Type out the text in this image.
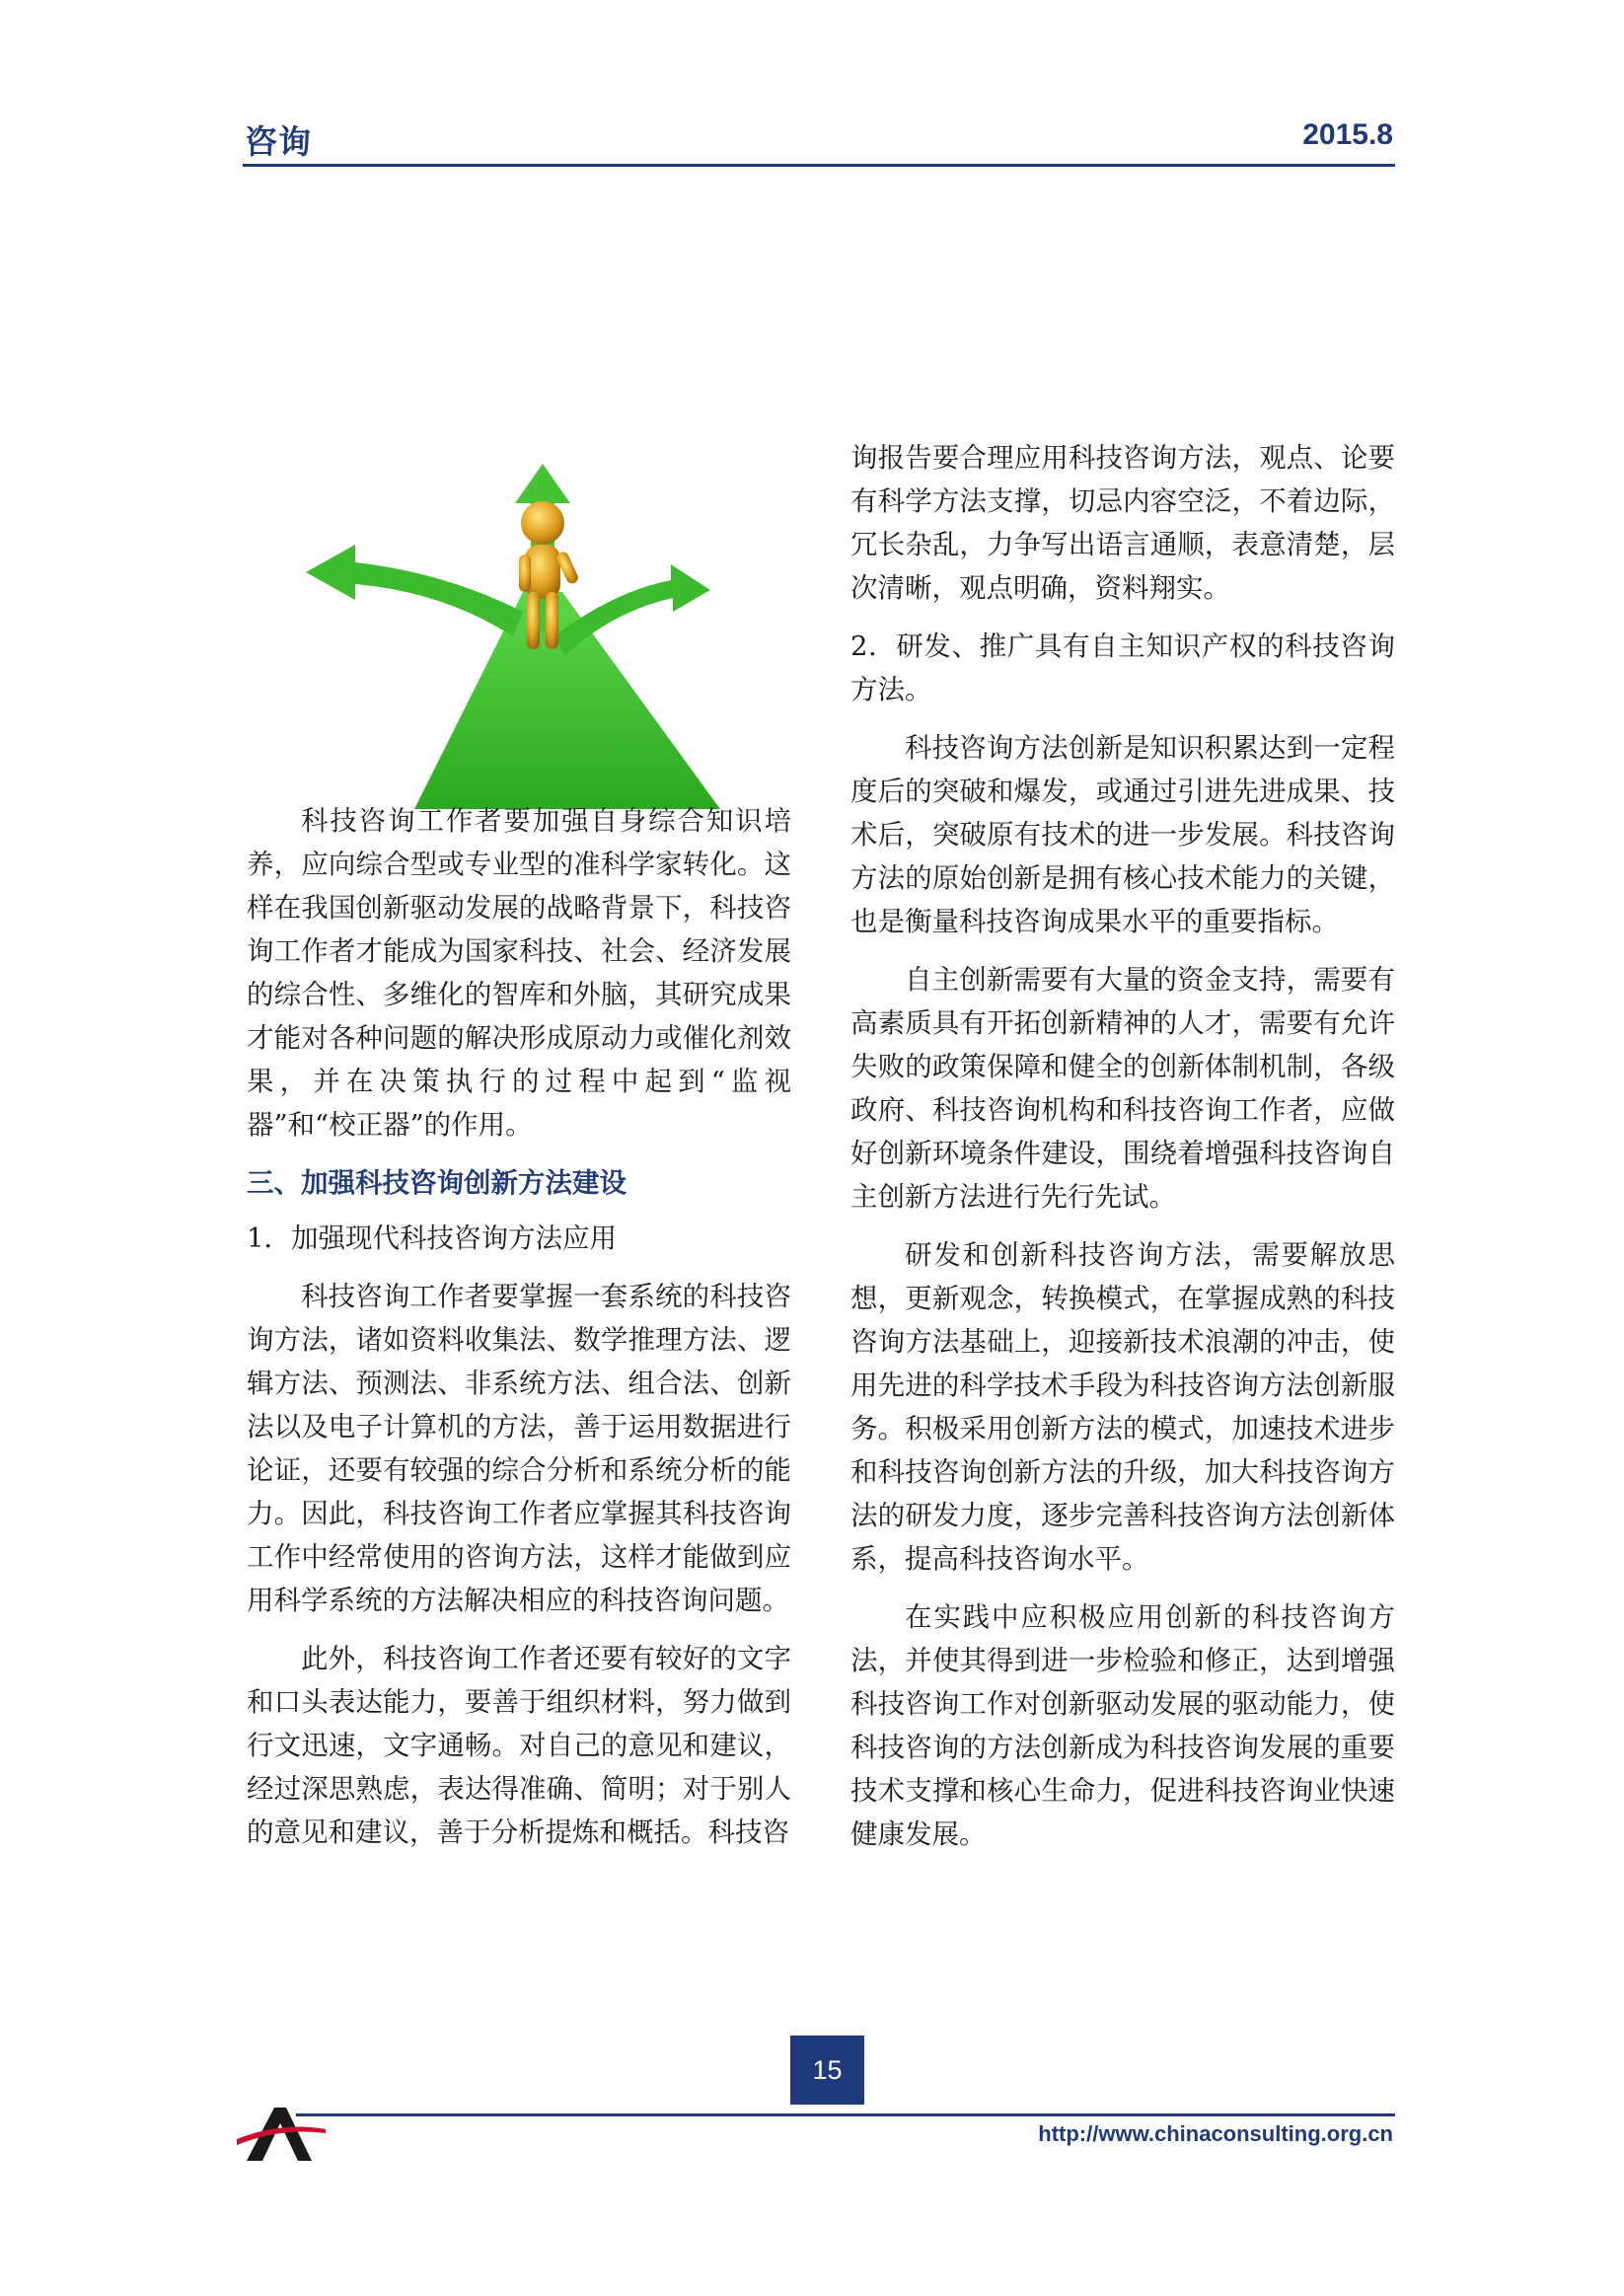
咨询	2015.8

科技咨询工作者要加强自身综合知识培养，应向综合型或专业型的准科学家转化。这样在我国创新驱动发展的战略背景下，科技咨询工作者才能成为国家科技、社会、经济发展的综合性、多维化的智库和外脑，其研究成果才能对各种问题的解决形成原动力或催化剂效果，并在决策执行的过程中起到“监视器”和“校正器”的作用。

三、加强科技咨询创新方法建设

1．加强现代科技咨询方法应用

科技咨询工作者要掌握一套系统的科技咨询方法，诸如资料收集法、数学推理方法、逻辑方法、预测法、非系统方法、组合法、创新法以及电子计算机的方法，善于运用数据进行论证，还要有较强的综合分析和系统分析的能力。因此，科技咨询工作者应掌握其科技咨询工作中经常使用的咨询方法，这样才能做到应用科学系统的方法解决相应的科技咨询问题。

此外，科技咨询工作者还要有较好的文字和口头表达能力，要善于组织材料，努力做到行文迅速，文字通畅。对自己的意见和建议，经过深思熟虑，表达得准确、简明；对于别人的意见和建议，善于分析提炼和概括。科技咨

询报告要合理应用科技咨询方法，观点、论要有科学方法支撑，切忌内容空泛，不着边际，冗长杂乱，力争写出语言通顺，表意清楚，层次清晰，观点明确，资料翔实。

2．研发、推广具有自主知识产权的科技咨询方法。

科技咨询方法创新是知识积累达到一定程度后的突破和爆发，或通过引进先进成果、技术后，突破原有技术的进一步发展。科技咨询方法的原始创新是拥有核心技术能力的关键，也是衡量科技咨询成果水平的重要指标。

自主创新需要有大量的资金支持，需要有高素质具有开拓创新精神的人才，需要有允许失败的政策保障和健全的创新体制机制，各级政府、科技咨询机构和科技咨询工作者，应做好创新环境条件建设，围绕着增强科技咨询自主创新方法进行先行先试。

研发和创新科技咨询方法，需要解放思想，更新观念，转换模式，在掌握成熟的科技咨询方法基础上，迎接新技术浪潮的冲击，使用先进的科学技术手段为科技咨询方法创新服务。积极采用创新方法的模式，加速技术进步和科技咨询创新方法的升级，加大科技咨询方法的研发力度，逐步完善科技咨询方法创新体系，提高科技咨询水平。

在实践中应积极应用创新的科技咨询方法，并使其得到进一步检验和修正，达到增强科技咨询工作对创新驱动发展的驱动能力，使科技咨询的方法创新成为科技咨询发展的重要技术支撑和核心生命力，促进科技咨询业快速健康发展。

15
http://www.chinaconsulting.org.cn
